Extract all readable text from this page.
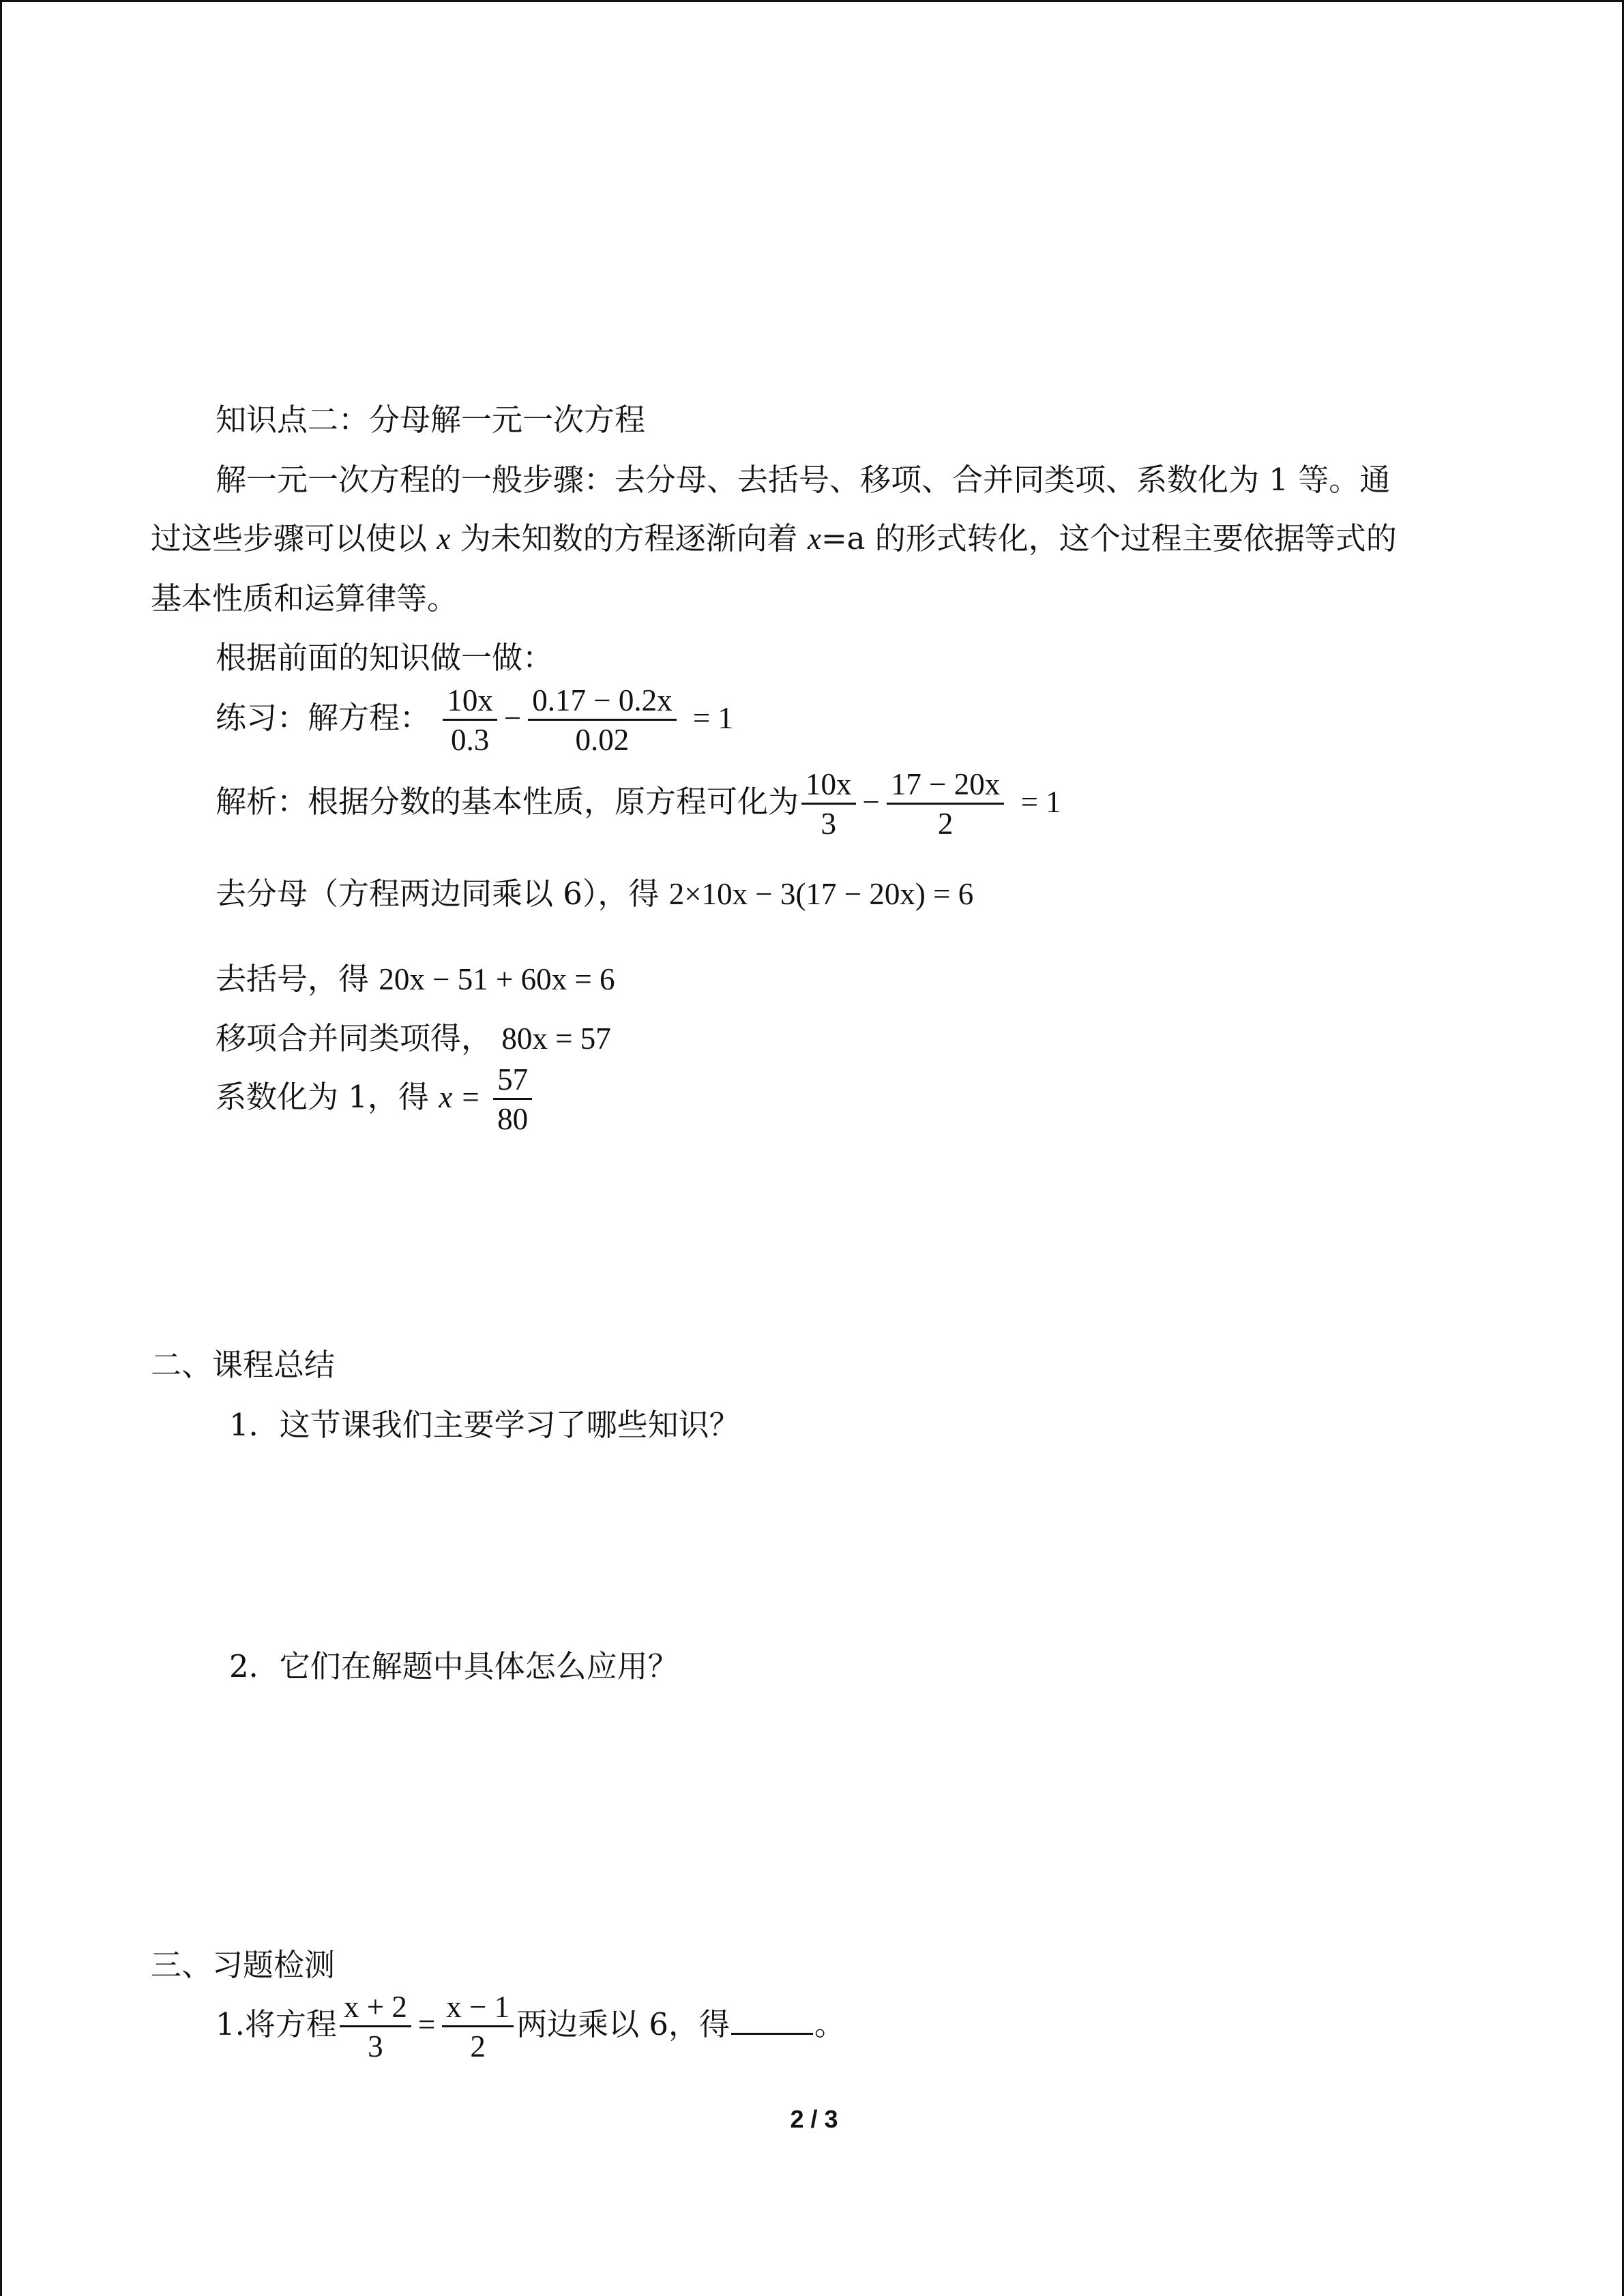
知识点二：分母解一元一次方程
解一元一次方程的一般步骤：去分母、去括号、移项、合并同类项、系数化为 1 等。通
过这些步骤可以使以 x 为未知数的方程逐渐向着 x=a 的形式转化，这个过程主要依据等式的
基本性质和运算律等。
根据前面的知识做一做：
练习：解方程： $\frac{10x}{0.3} - \frac{0.17 - 0.2x}{0.02} = 1$
解析：根据分数的基本性质，原方程可化为 $\frac{10x}{3} - \frac{17 - 20x}{2} = 1$
去分母（方程两边同乘以 6），得 2×10x − 3(17 − 20x) = 6
去括号，得 20x − 51 + 60x = 6
移项合并同类项得， 80x = 57
系数化为 1，得 $x = \frac{57}{80}$
二、课程总结
1．这节课我们主要学习了哪些知识？
2．它们在解题中具体怎么应用？
三、习题检测
1.将方程 $\frac{x + 2}{3} = \frac{x - 1}{2}$ 两边乘以 6，得	。
2 / 3
